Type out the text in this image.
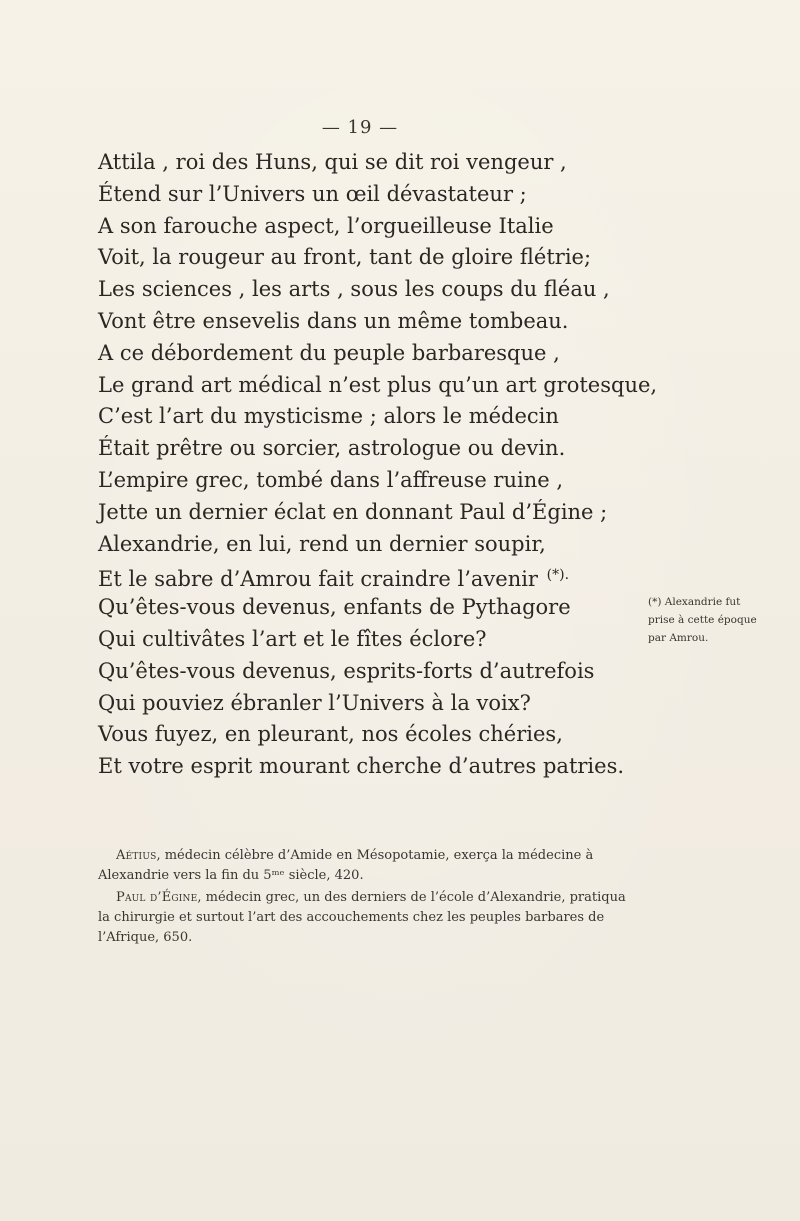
— 19 —
Attila , roi des Huns, qui se dit roi vengeur ,
Étend sur l’Univers un œil dévastateur ;
A son farouche aspect, l’orgueilleuse Italie
Voit, la rougeur au front, tant de gloire flétrie;
Les sciences , les arts , sous les coups du fléau ,
Vont être ensevelis dans un même tombeau.
A ce débordement du peuple barbaresque ,
Le grand art médical n’est plus qu’un art grotesque,
C’est l’art du mysticisme ; alors le médecin
Était prêtre ou sorcier, astrologue ou devin.
L’empire grec, tombé dans l’affreuse ruine ,
Jette un dernier éclat en donnant Paul d’Égine ;
Alexandrie, en lui, rend un dernier soupir,
Et le sabre d’Amrou fait craindre l’avenir (*).
Qu’êtes-vous devenus, enfants de Pythagore
Qui cultivâtes l’art et le fîtes éclore?
Qu’êtes-vous devenus, esprits-forts d’autrefois
Qui pouviez ébranler l’Univers à la voix?
Vous fuyez, en pleurant, nos écoles chéries,
Et votre esprit mourant cherche d’autres patries.
(*) Alexandrie fut
prise à cette époque
par Amrou.
Aétius, médecin célèbre d’Amide en Mésopotamie, exerça la médecine à
Alexandrie vers la fin du 5ᵐᵉ siècle, 420.
Paul d’Égine, médecin grec, un des derniers de l’école d’Alexandrie, pratiqua
la chirurgie et surtout l’art des accouchements chez les peuples barbares de
l’Afrique, 650.
